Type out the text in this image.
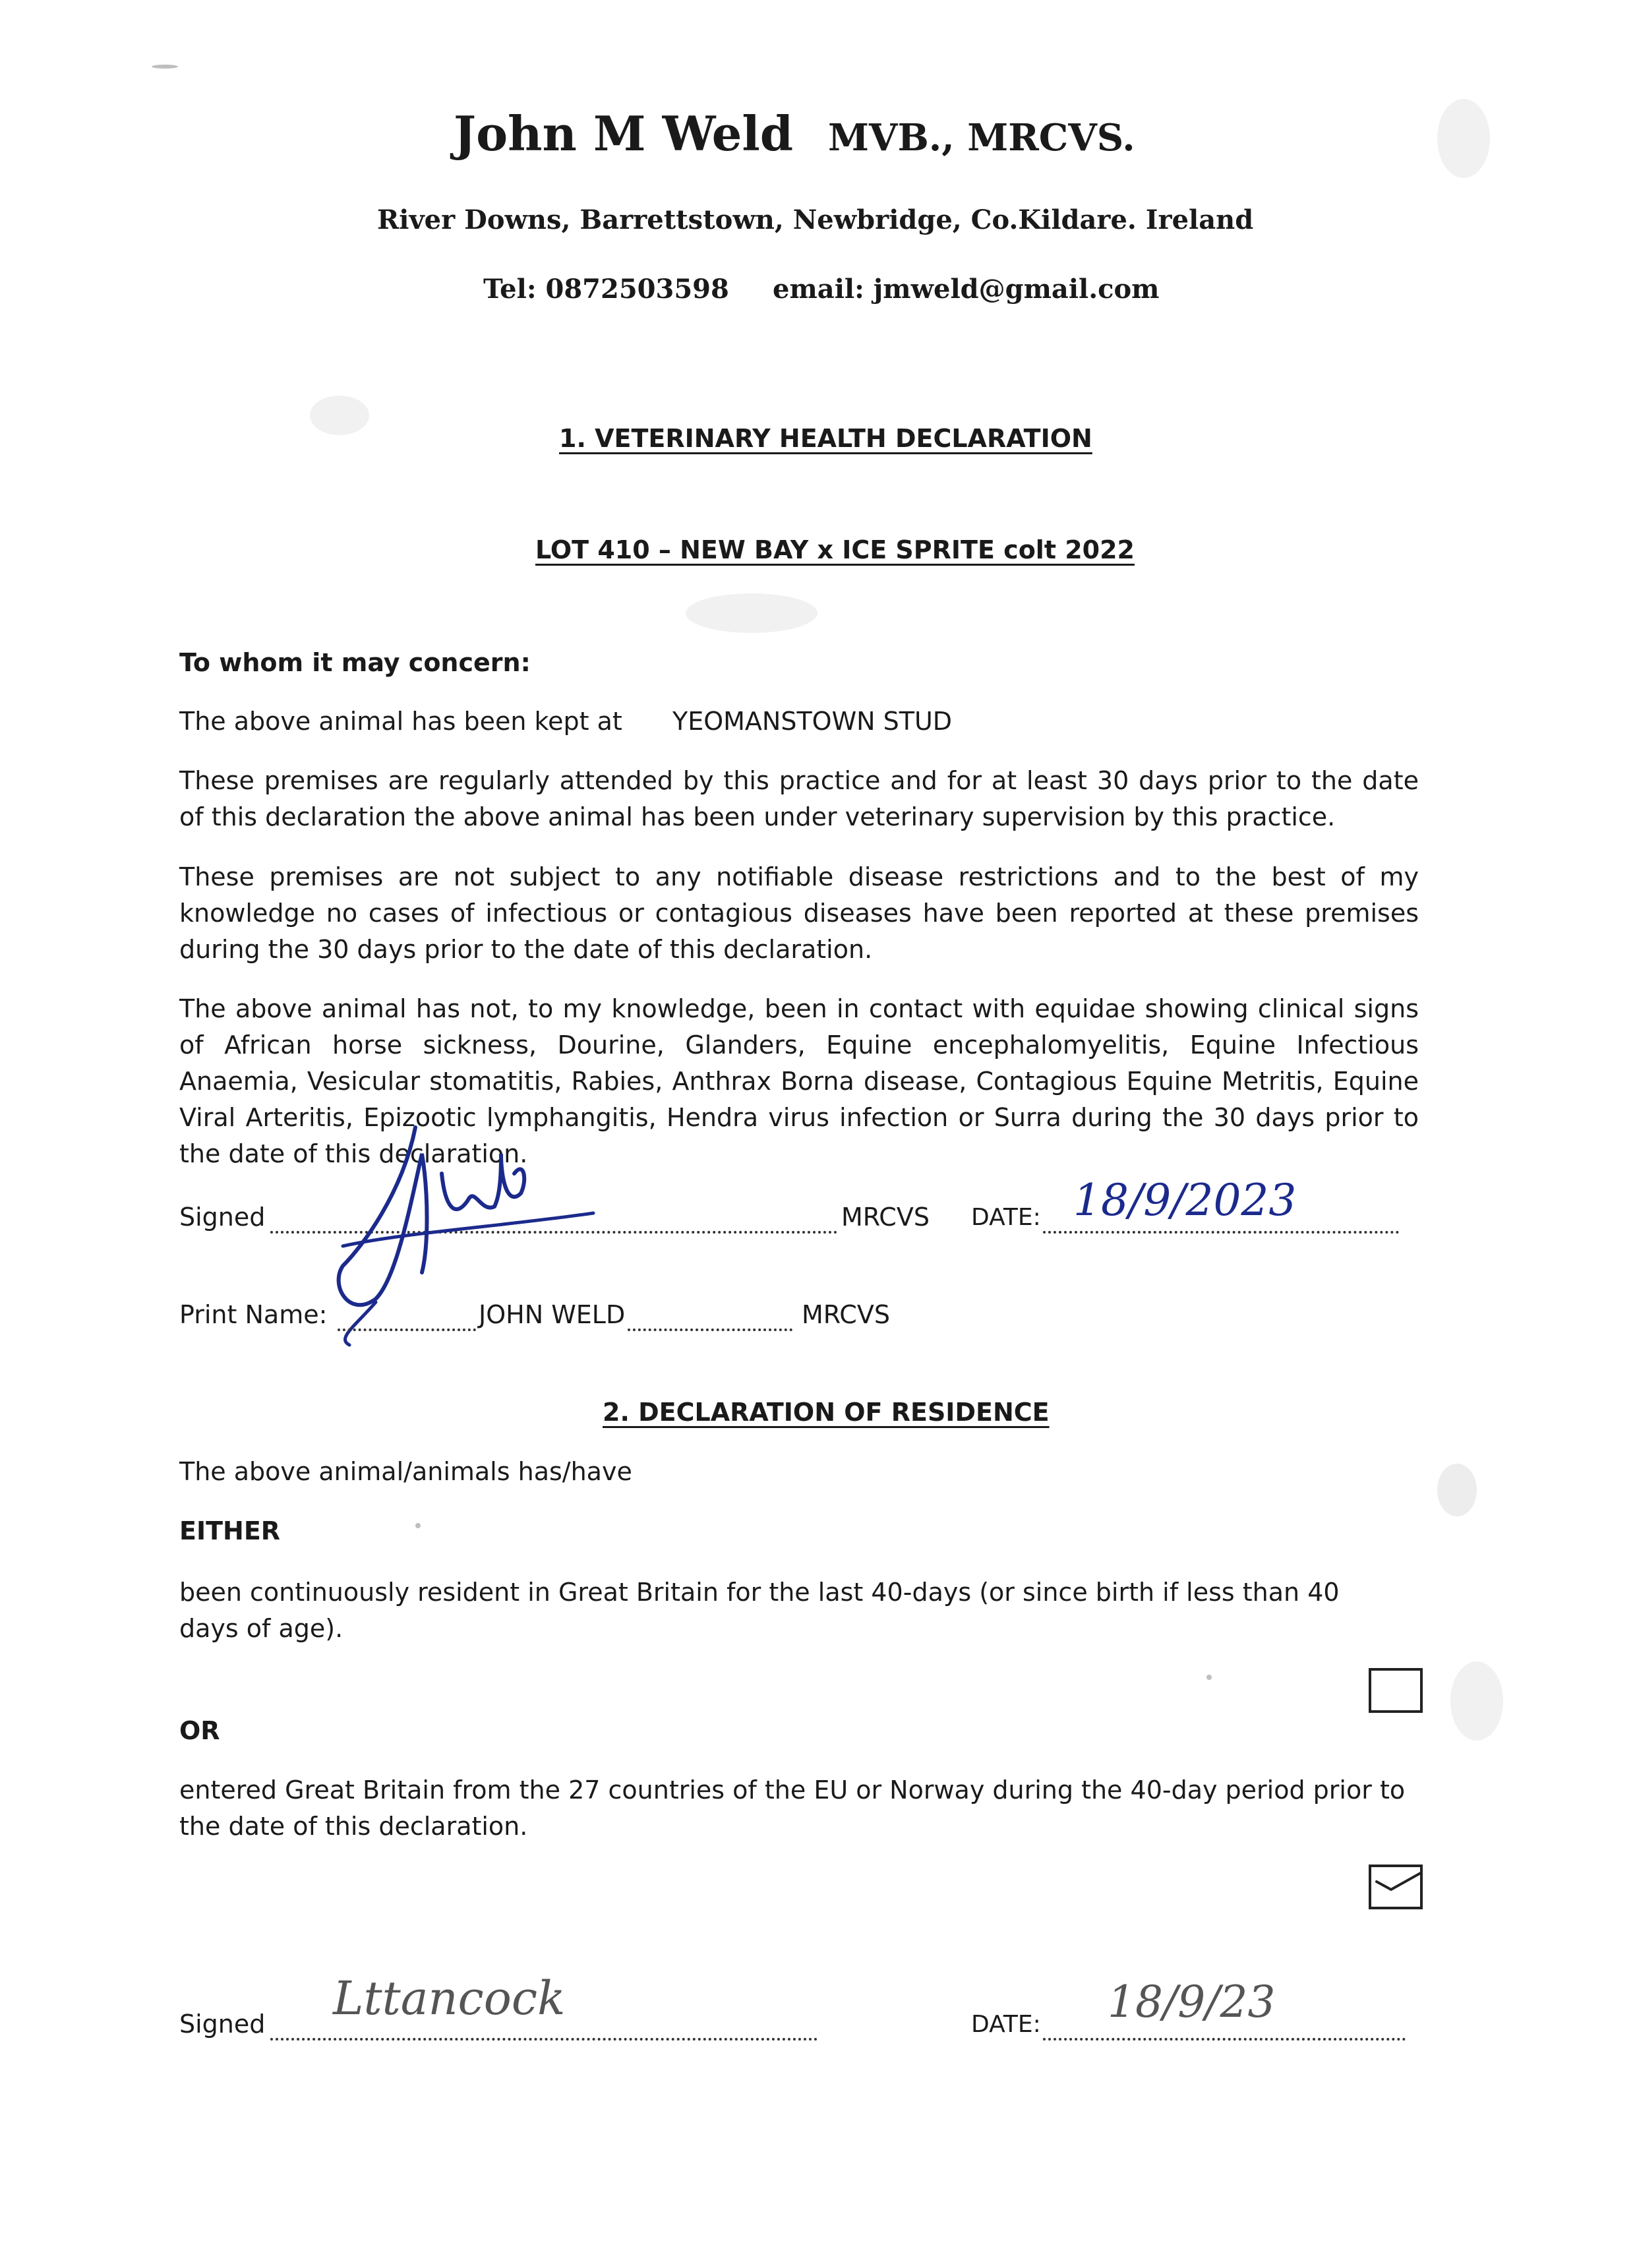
John M Weld MVB., MRCVS.
River Downs, Barrettstown, Newbridge, Co.Kildare. Ireland
Tel: 0872503598 email: jmweld@gmail.com
1. VETERINARY HEALTH DECLARATION
LOT 410 – NEW BAY x ICE SPRITE colt 2022
To whom it may concern:
The above animal has been kept at YEOMANSTOWN STUD
These premises are regularly attended by this practice and for at least 30 days prior to the date of this declaration the above animal has been under veterinary supervision by this practice.
These premises are not subject to any notifiable disease restrictions and to the best of my knowledge no cases of infectious or contagious diseases have been reported at these premises during the 30 days prior to the date of this declaration.
The above animal has not, to my knowledge, been in contact with equidae showing clinical signs of African horse sickness, Dourine, Glanders, Equine encephalomyelitis, Equine Infectious Anaemia, Vesicular stomatitis, Rabies, Anthrax Borna disease, Contagious Equine Metritis, Equine Viral Arteritis, Epizootic lymphangitis, Hendra virus infection or Surra during the 30 days prior to the date of this declaration.
Signed	MRCVS DATE: 18/9/2023
Print Name:	JOHN WELD	MRCVS
2. DECLARATION OF RESIDENCE
The above animal/animals has/have
EITHER
been continuously resident in Great Britain for the last 40-days (or since birth if less than 40 days of age).
OR
entered Great Britain from the 27 countries of the EU or Norway during the 40-day period prior to the date of this declaration.
Signed Lttancock	DATE: 18/9/23
